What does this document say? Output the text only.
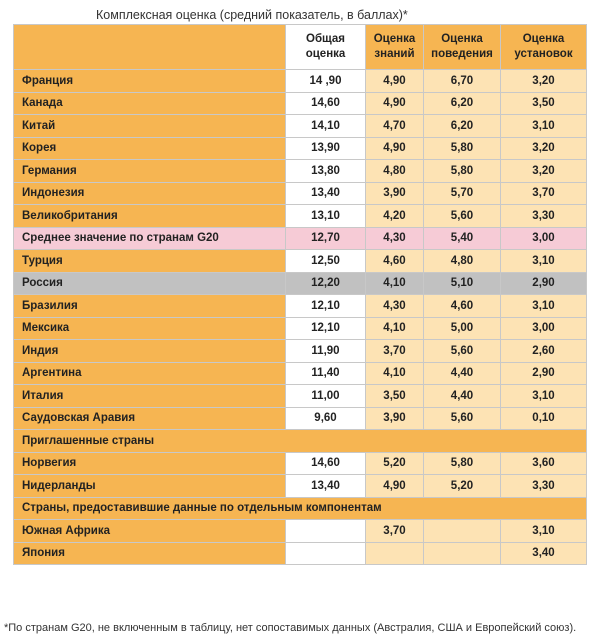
Комплексная оценка (средний показатель, в баллах)*
	Общая оценка	Оценка знаний	Оценка поведения	Оценка установок
Франция	14 ,90	4,90	6,70	3,20
Канада	14,60	4,90	6,20	3,50
Китай	14,10	4,70	6,20	3,10
Корея	13,90	4,90	5,80	3,20
Германия	13,80	4,80	5,80	3,20
Индонезия	13,40	3,90	5,70	3,70
Великобритания	13,10	4,20	5,60	3,30
Среднее значение по странам G20	12,70	4,30	5,40	3,00
Турция	12,50	4,60	4,80	3,10
Россия	12,20	4,10	5,10	2,90
Бразилия	12,10	4,30	4,60	3,10
Мексика	12,10	4,10	5,00	3,00
Индия	11,90	3,70	5,60	2,60
Аргентина	11,40	4,10	4,40	2,90
Италия	11,00	3,50	4,40	3,10
Саудовская Аравия	9,60	3,90	5,60	0,10
Приглашенные страны				
Норвегия	14,60	5,20	5,80	3,60
Нидерланды	13,40	4,90	5,20	3,30
Страны, предоставившие данные по отдельным компонентам				
Южная Африка		3,70		3,10
Япония				3,40
*По странам G20, не включенным в таблицу, нет сопоставимых данных (Австралия, США и Европейский союз).
